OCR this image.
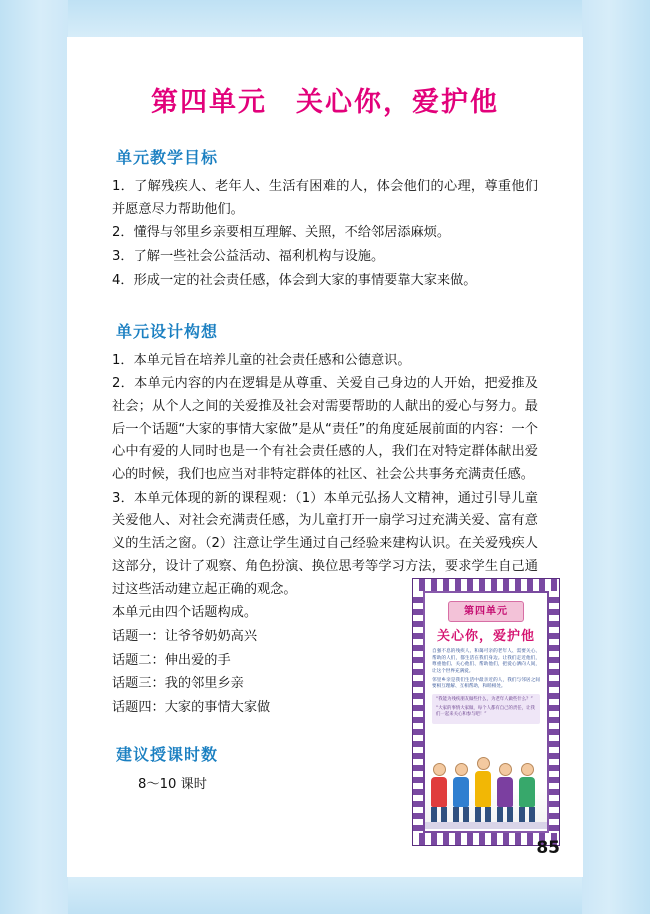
第四单元　关心你，爱护他
单元教学目标

1．了解残疾人、老年人、生活有困难的人，体会他们的心理，尊重他们并愿意尽力帮助他们。

2．懂得与邻里乡亲要相互理解、关照，不给邻居添麻烦。

3．了解一些社会公益活动、福利机构与设施。

4．形成一定的社会责任感，体会到大家的事情要靠大家来做。

单元设计构想

1．本单元旨在培养儿童的社会责任感和公德意识。

2．本单元内容的内在逻辑是从尊重、关爱自己身边的人开始，把爱推及社会；从个人之间的关爱推及社会对需要帮助的人献出的爱心与努力。最后一个话题“大家的事情大家做”是从“责任”的角度延展前面的内容：一个心中有爱的人同时也是一个有社会责任感的人，我们在对特定群体献出爱心的时候，我们也应当对非特定群体的社区、社会公共事务充满责任感。

3．本单元体现的新的课程观：（1）本单元弘扬人文精神，通过引导儿童关爱他人、对社会充满责任感，为儿童打开一扇学习过充满关爱、富有意义的生活之窗。（2）注意让学生通过自己经验来建构认识。在关爱残疾人这部分，设计了观察、角色扮演、换位思考等学习方法，要求学生自己通过这些活动建立起正确的观念。

本单元由四个话题构成。

话题一：让爷爷奶奶高兴

话题二：伸出爱的手

话题三：我的邻里乡亲

话题四：大家的事情大家做

建议授课时数
8～10 课时
第四单元
关心你，爱护他

自强不息的残疾人、和蔼可亲的老年人、需要关心、帮助的人们，都生活在我们身边。让我们走近他们，尊重他们、关心他们、帮助他们，把爱心洒向人间，让这个世界充满爱。

邻里乡亲是我们生活中最亲近的人，我们与邻居之间要相互理解、互相帮助，和睦相处。

“我能为残疾朋友做些什么，为老年人做些什么？”

“大家的事情大家做，每个人都有自己的责任，让我们一起来关心和参与吧！”

85
